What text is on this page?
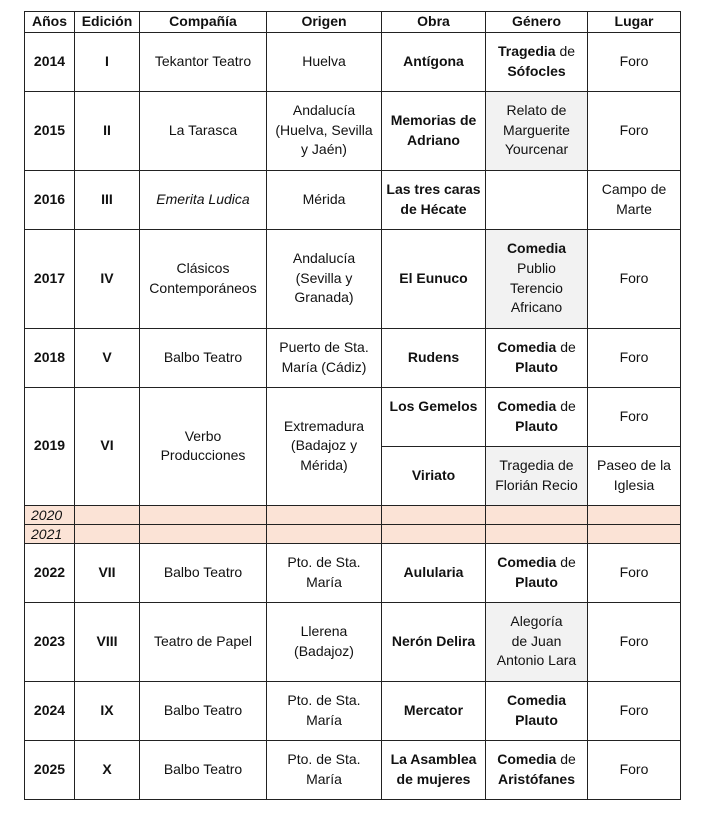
Años	Edición	Compañía	Origen	Obra	Género	Lugar
2014	I	Tekantor Teatro	Huelva	Antígona	Tragedia de
Sófocles	Foro

2015	II	La Tarasca	Andalucía
(Huelva, Sevilla
y Jaén)	Memorias de
Adriano	Relato de
Marguerite
Yourcenar	Foro

2016	III	Emerita Ludica	Mérida	Las tres caras
de Hécate		Campo de
Marte

2017	IV	Clásicos
Contemporáneos	Andalucía
(Sevilla y
Granada)	El Eunuco	Comedia
Publio
Terencio
Africano	Foro

2018	V	Balbo Teatro	Puerto de Sta.
María (Cádiz)	Rudens	Comedia de
Plauto	Foro

2019	VI	Verbo
Producciones	Extremadura
(Badajoz y
Mérida)	Los Gemelos	Comedia de
Plauto	Foro

				Viriato	Tragedia de
Florián Recio	Paseo de la
Iglesia

2020						
2021						
2022	VII	Balbo Teatro	Pto. de Sta.
María	Aulularia	Comedia de
Plauto	Foro

2023	VIII	Teatro de Papel	Llerena
(Badajoz)	Nerón Delira	Alegoría
de Juan
Antonio Lara	Foro

2024	IX	Balbo Teatro	Pto. de Sta.
María	Mercator	Comedia
Plauto	Foro

2025	X	Balbo Teatro	Pto. de Sta.
María	La Asamblea
de mujeres	Comedia de
Aristófanes	Foro
